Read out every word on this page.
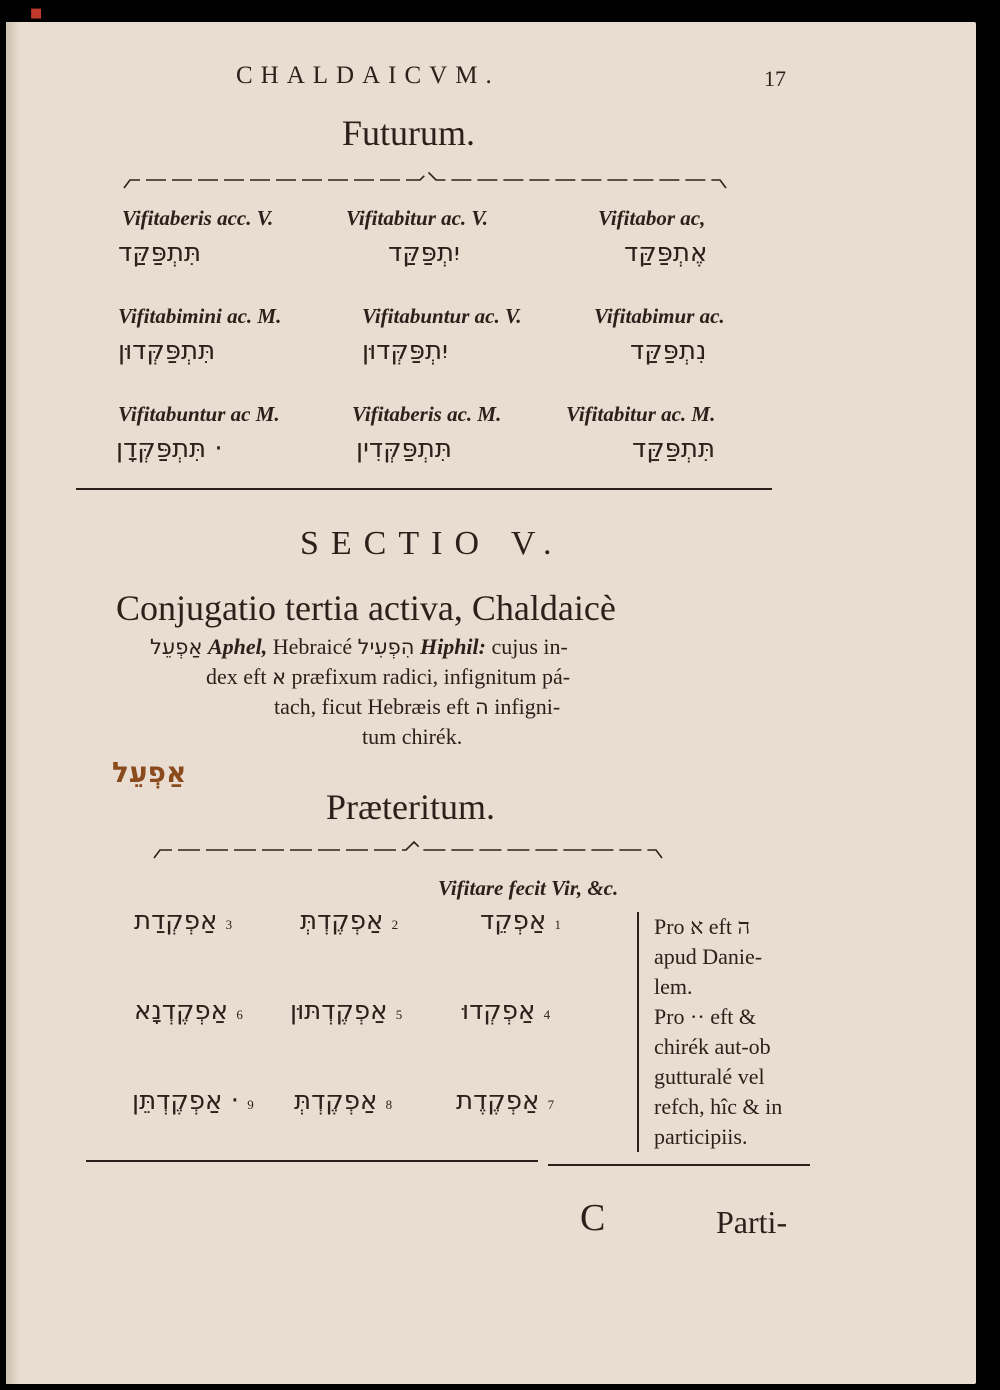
■
CHALDAICVM.	17
Futurum.
Vifitaberis acc. V.	Vifitabitur ac. V.	Vifitabor ac,
תִּתְפַּקַּד	יִתְפַּקַּד	אֶתְפַּקַּד
Vifitabimini ac. M.	Vifitabuntur ac. V.	Vifitabimur ac.
תִּתְפַּקְּדוּן	יִתְפַּקְּדוּן	נִתְפַּקַּד
Vifitabuntur ac M.	Vifitaberis ac. M.	Vifitabitur ac. M.
· תִּתְפַּקְּדָן	תִּתְפַּקְּדִין	תִּתְפַּקַּד
SECTIO V.
Conjugatio tertia activa, Chaldaicè
אַפְעֵל Aphel, Hebraicé הִפְעִיל Hiphil: cujus in-
dex eft א præfixum radici, infignitum pá-
tach, ficut Hebræis eft ה infigni-
tum chirék.
אַפְעֵל
Præteritum.
Vifitare fecit Vir, &c.
3 אַפְקְדַת	2 אַפְקֶדְתְּ	1 אַפְקֵד
6 אַפְקֶדְנָא	5 אַפְקֶדְתּוּן	4 אַפְקְדוּ
9 · אַפְקֶדְתֵּן	8 אַפְקֶדְתְּ	7 אַפְקֶדֶת
Pro א eft ה
apud Danie-
lem.
Pro ·· eft &
chirék aut-ob
gutturalé vel
refch, hîc & in
participiis.
C	Parti-
